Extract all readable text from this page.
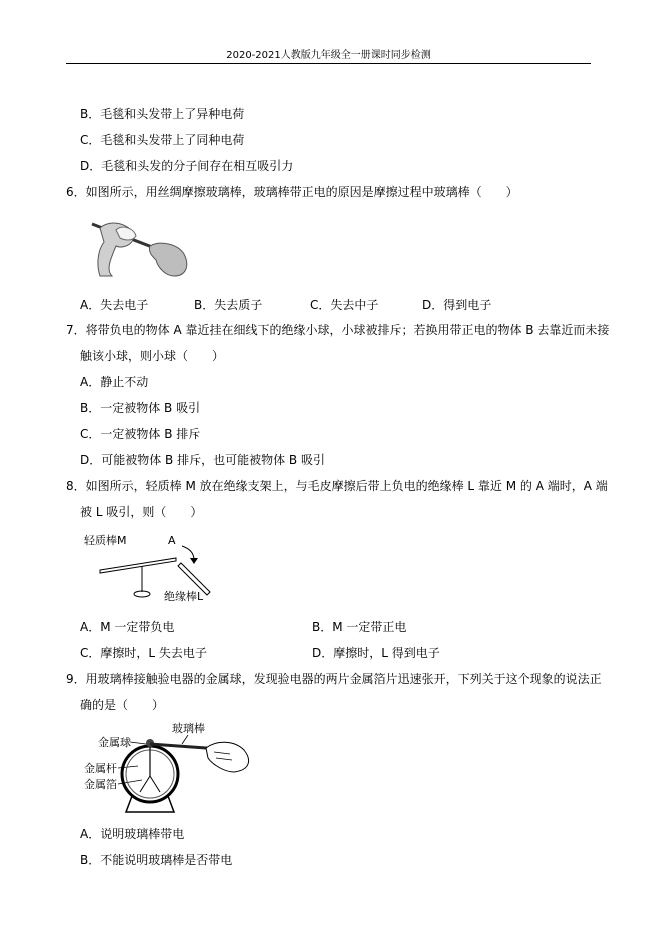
2020-2021人教版九年级全一册课时同步检测
B．毛毯和头发带上了异种电荷
C．毛毯和头发带上了同种电荷
D．毛毯和头发的分子间存在相互吸引力
6．如图所示，用丝绸摩擦玻璃棒，玻璃棒带正电的原因是摩擦过程中玻璃棒（　　）
A．失去电子	B．失去质子	C．失去中子	D．得到电子
7．将带负电的物体 A 靠近挂在细线下的绝缘小球，小球被排斥；若换用带正电的物体 B 去靠近而未接
触该小球，则小球（　　）
A．静止不动
B．一定被物体 B 吸引
C．一定被物体 B 排斥
D．可能被物体 B 排斥，也可能被物体 B 吸引
8．如图所示，轻质棒 M 放在绝缘支架上，与毛皮摩擦后带上负电的绝缘棒 L 靠近 M 的 A 端时，A 端
被 L 吸引，则（　　）
轻质棒M	A
绝缘棒L
A．M 一定带负电	B．M 一定带正电
C．摩擦时，L 失去电子	D．摩擦时，L 得到电子
9．用玻璃棒接触验电器的金属球，发现验电器的两片金属箔片迅速张开，下列关于这个现象的说法正
确的是（　　）
玻璃棒
金属球
金属杆
金属箔
A．说明玻璃棒带电
B．不能说明玻璃棒是否带电
